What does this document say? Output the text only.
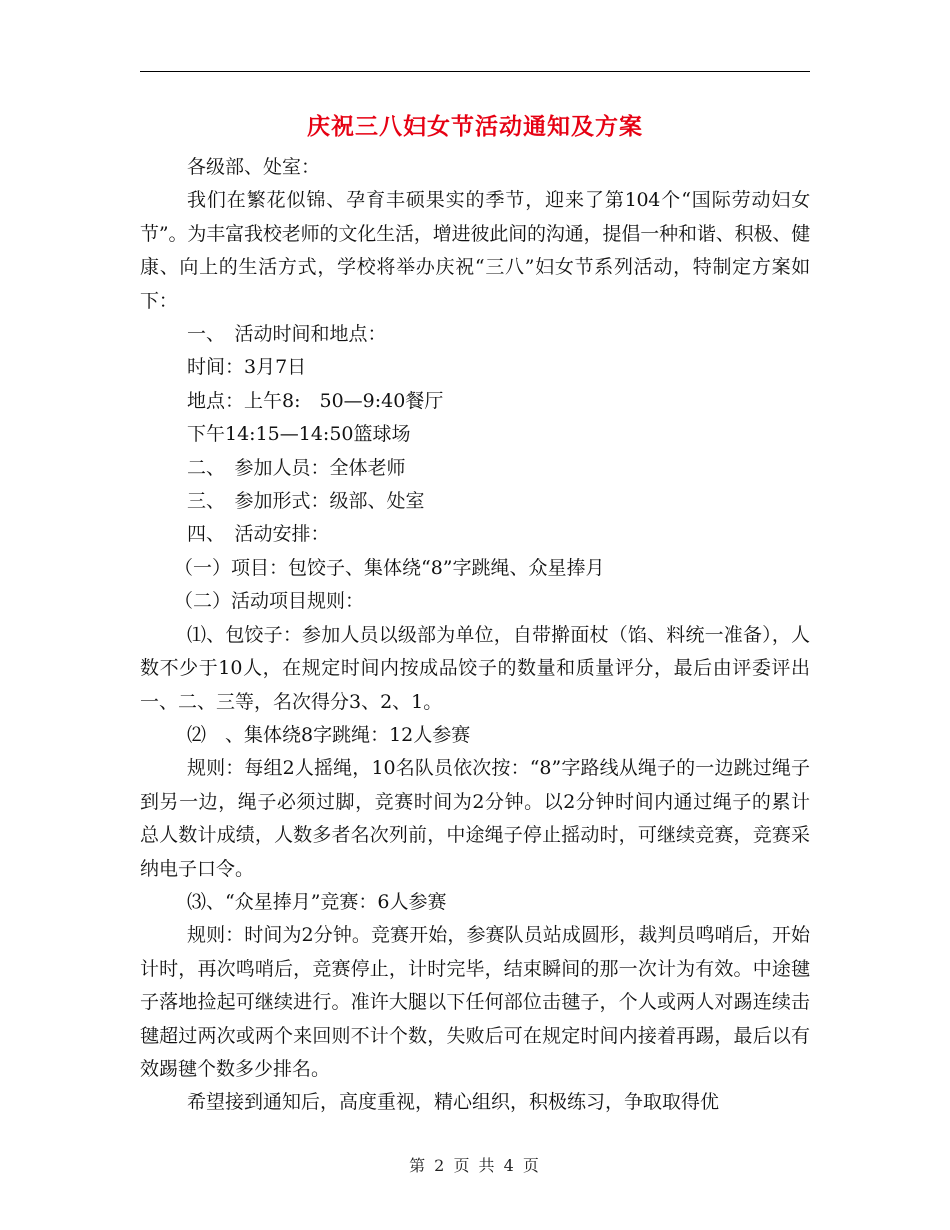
庆祝三八妇女节活动通知及方案

各级部、处室：

我们在繁花似锦、孕育丰硕果实的季节，迎来了第104个“国际劳动妇女节”。为丰富我校老师的文化生活，增进彼此间的沟通，提倡一种和谐、积极、健康、向上的生活方式，学校将举办庆祝“三八”妇女节系列活动，特制定方案如下：

一、　活动时间和地点：

时间：3月7日

地点：上午8:　50—9:40餐厅

下午14:15—14:50篮球场

二、　参加人员：全体老师

三、　参加形式：级部、处室

四、　活动安排：

（一）项目：包饺子、集体绕“8”字跳绳、众星捧月

（二）活动项目规则：

⑴、包饺子：参加人员以级部为单位，自带擀面杖（馅、料统一准备），人数不少于10人，在规定时间内按成品饺子的数量和质量评分，最后由评委评出一、二、三等，名次得分3、2、1。

⑵　、集体绕8字跳绳：12人参赛

规则：每组2人摇绳，10名队员依次按：“8”字路线从绳子的一边跳过绳子到另一边，绳子必须过脚，竞赛时间为2分钟。以2分钟时间内通过绳子的累计总人数计成绩，人数多者名次列前，中途绳子停止摇动时，可继续竞赛，竞赛采纳电子口令。

⑶、“众星捧月”竞赛：6人参赛

规则：时间为2分钟。竞赛开始，参赛队员站成圆形，裁判员鸣哨后，开始计时，再次鸣哨后，竞赛停止，计时完毕，结束瞬间的那一次计为有效。中途毽子落地捡起可继续进行。准许大腿以下任何部位击毽子，个人或两人对踢连续击毽超过两次或两个来回则不计个数，失败后可在规定时间内接着再踢，最后以有效踢毽个数多少排名。

希望接到通知后，高度重视，精心组织，积极练习，争取取得优

第 2 页 共 4 页
